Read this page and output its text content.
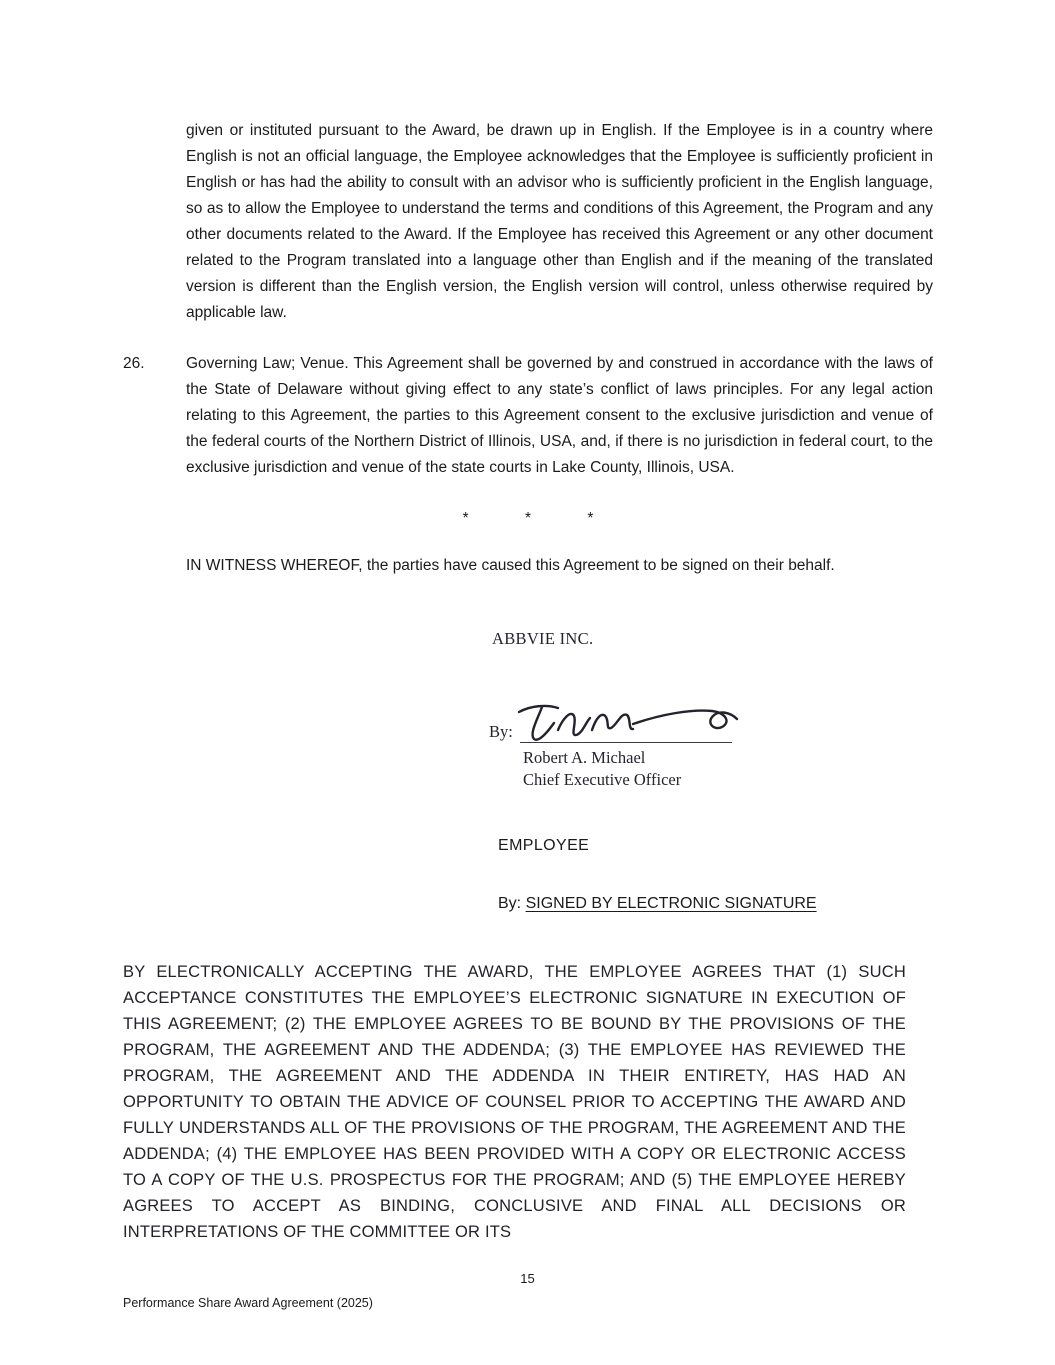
given or instituted pursuant to the Award, be drawn up in English. If the Employee is in a country where English is not an official language, the Employee acknowledges that the Employee is sufficiently proficient in English or has had the ability to consult with an advisor who is sufficiently proficient in the English language, so as to allow the Employee to understand the terms and conditions of this Agreement, the Program and any other documents related to the Award. If the Employee has received this Agreement or any other document related to the Program translated into a language other than English and if the meaning of the translated version is different than the English version, the English version will control, unless otherwise required by applicable law.

26.	Governing Law; Venue. This Agreement shall be governed by and construed in accordance with the laws of the State of Delaware without giving effect to any state’s conflict of laws principles. For any legal action relating to this Agreement, the parties to this Agreement consent to the exclusive jurisdiction and venue of the federal courts of the Northern District of Illinois, USA, and, if there is no jurisdiction in federal court, to the exclusive jurisdiction and venue of the state courts in Lake County, Illinois, USA.

*	*	*

IN WITNESS WHEREOF, the parties have caused this Agreement to be signed on their behalf.

ABBVIE INC.
By:
Robert A. Michael
Chief Executive Officer
EMPLOYEE
By: SIGNED BY ELECTRONIC SIGNATURE

BY ELECTRONICALLY ACCEPTING THE AWARD, THE EMPLOYEE AGREES THAT (1) SUCH ACCEPTANCE CONSTITUTES THE EMPLOYEE’S ELECTRONIC SIGNATURE IN EXECUTION OF THIS AGREEMENT; (2) THE EMPLOYEE AGREES TO BE BOUND BY THE PROVISIONS OF THE PROGRAM, THE AGREEMENT AND THE ADDENDA; (3) THE EMPLOYEE HAS REVIEWED THE PROGRAM, THE AGREEMENT AND THE ADDENDA IN THEIR ENTIRETY, HAS HAD AN OPPORTUNITY TO OBTAIN THE ADVICE OF COUNSEL PRIOR TO ACCEPTING THE AWARD AND FULLY UNDERSTANDS ALL OF THE PROVISIONS OF THE PROGRAM, THE AGREEMENT AND THE ADDENDA; (4) THE EMPLOYEE HAS BEEN PROVIDED WITH A COPY OR ELECTRONIC ACCESS TO A COPY OF THE U.S. PROSPECTUS FOR THE PROGRAM; AND (5) THE EMPLOYEE HEREBY AGREES TO ACCEPT AS BINDING, CONCLUSIVE AND FINAL ALL DECISIONS OR INTERPRETATIONS OF THE COMMITTEE OR ITS

15
Performance Share Award Agreement (2025)
